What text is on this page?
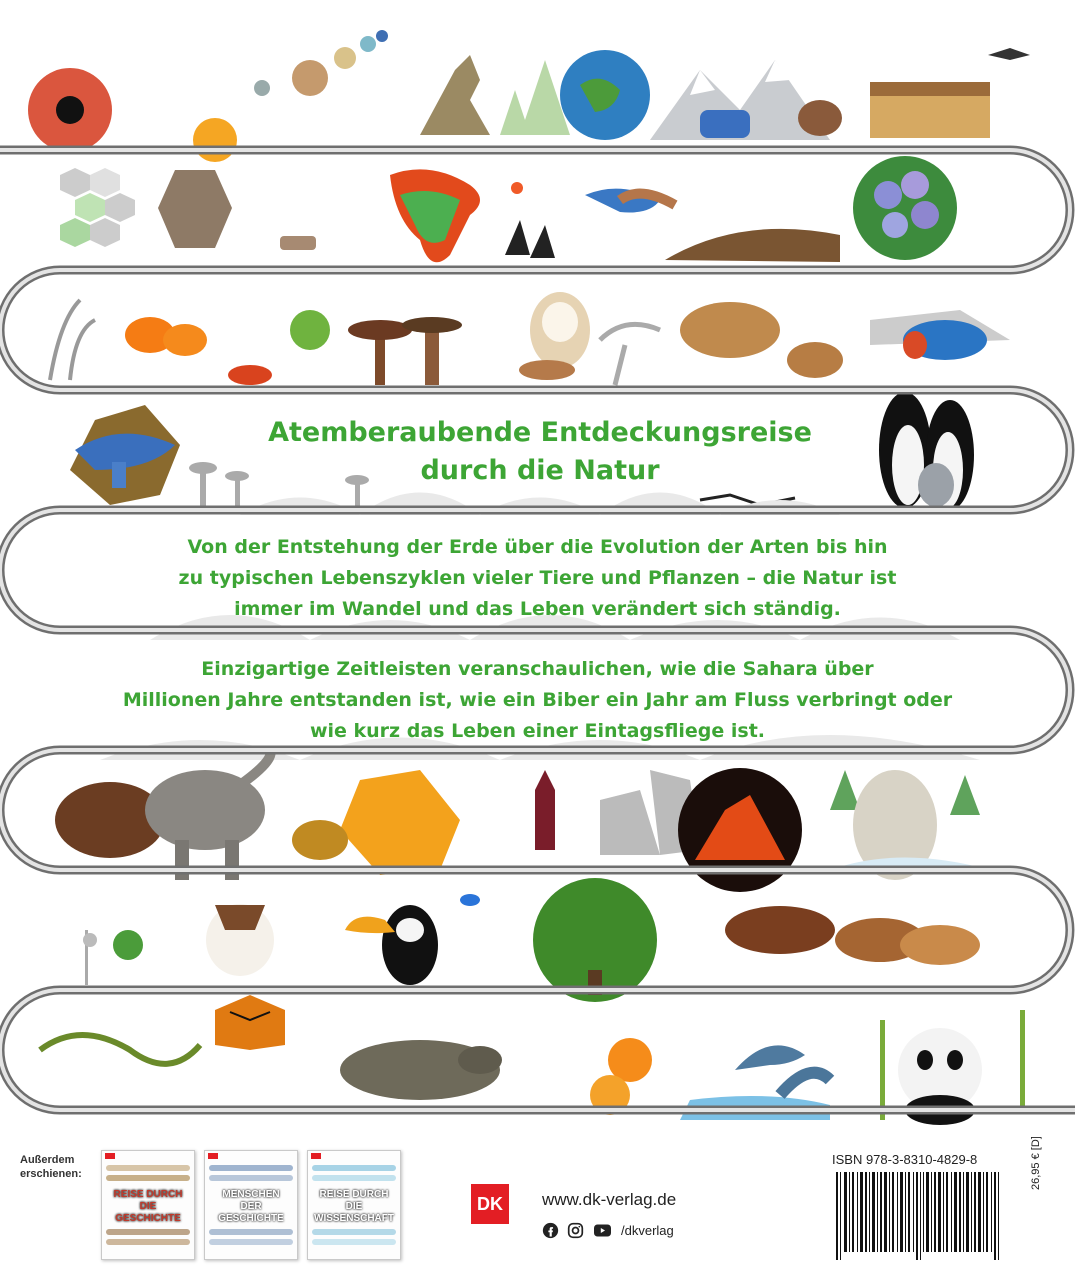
Atemberaubende Entdeckungsreise
durch die Natur
Von der Entstehung der Erde über die Evolution der Arten bis hin
zu typischen Lebenszyklen vieler Tiere und Pflanzen – die Natur ist
immer im Wandel und das Leben verändert sich ständig.
Einzigartige Zeitleisten veranschaulichen, wie die Sahara über
Millionen Jahre entstanden ist, wie ein Biber ein Jahr am Fluss verbringt oder
wie kurz das Leben einer Eintagsfliege ist.
Außerdem
erschienen:
REISE DURCH
DIE
GESCHICHTE
MENSCHEN
DER
GESCHICHTE
REISE DURCH
DIE
WISSENSCHAFT
DK	www.dk-verlag.de
/dkverlag
ISBN 978-3-8310-4829-8	26,95 € [D]
